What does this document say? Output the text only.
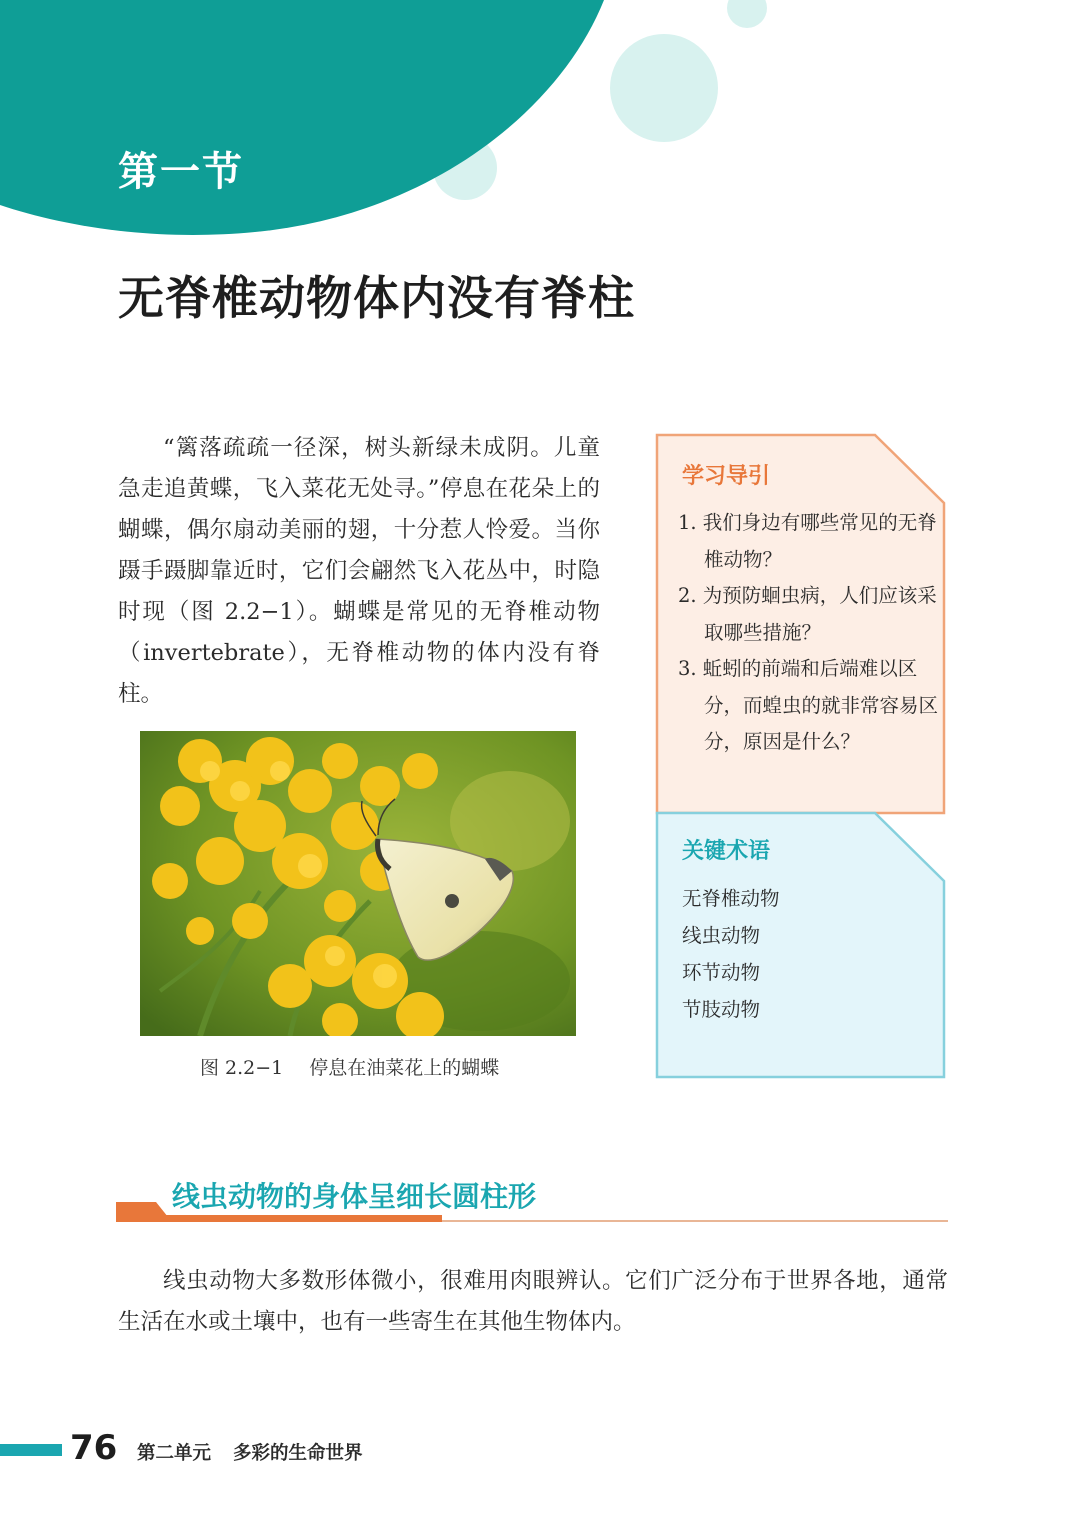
第一节
无脊椎动物体内没有脊柱

“篱落疏疏一径深，树头新绿未成阴。儿童急走追黄蝶，飞入菜花无处寻。”停息在花朵上的蝴蝶，偶尔扇动美丽的翅，十分惹人怜爱。当你蹑手蹑脚靠近时，它们会翩然飞入花丛中，时隐时现（图 2.2−1）。蝴蝶是常见的无脊椎动物（invertebrate），无脊椎动物的体内没有脊柱。

图 2.2−1 停息在油菜花上的蝴蝶
学习导引
1. 我们身边有哪些常见的无脊椎动物？
2. 为预防蛔虫病，人们应该采取哪些措施？
3. 蚯蚓的前端和后端难以区分，而蝗虫的就非常容易区分，原因是什么？
关键术语
无脊椎动物
线虫动物
环节动物
节肢动物
线虫动物的身体呈细长圆柱形

线虫动物大多数形体微小，很难用肉眼辨认。它们广泛分布于世界各地，通常生活在水或土壤中，也有一些寄生在其他生物体内。

76 第二单元 多彩的生命世界
